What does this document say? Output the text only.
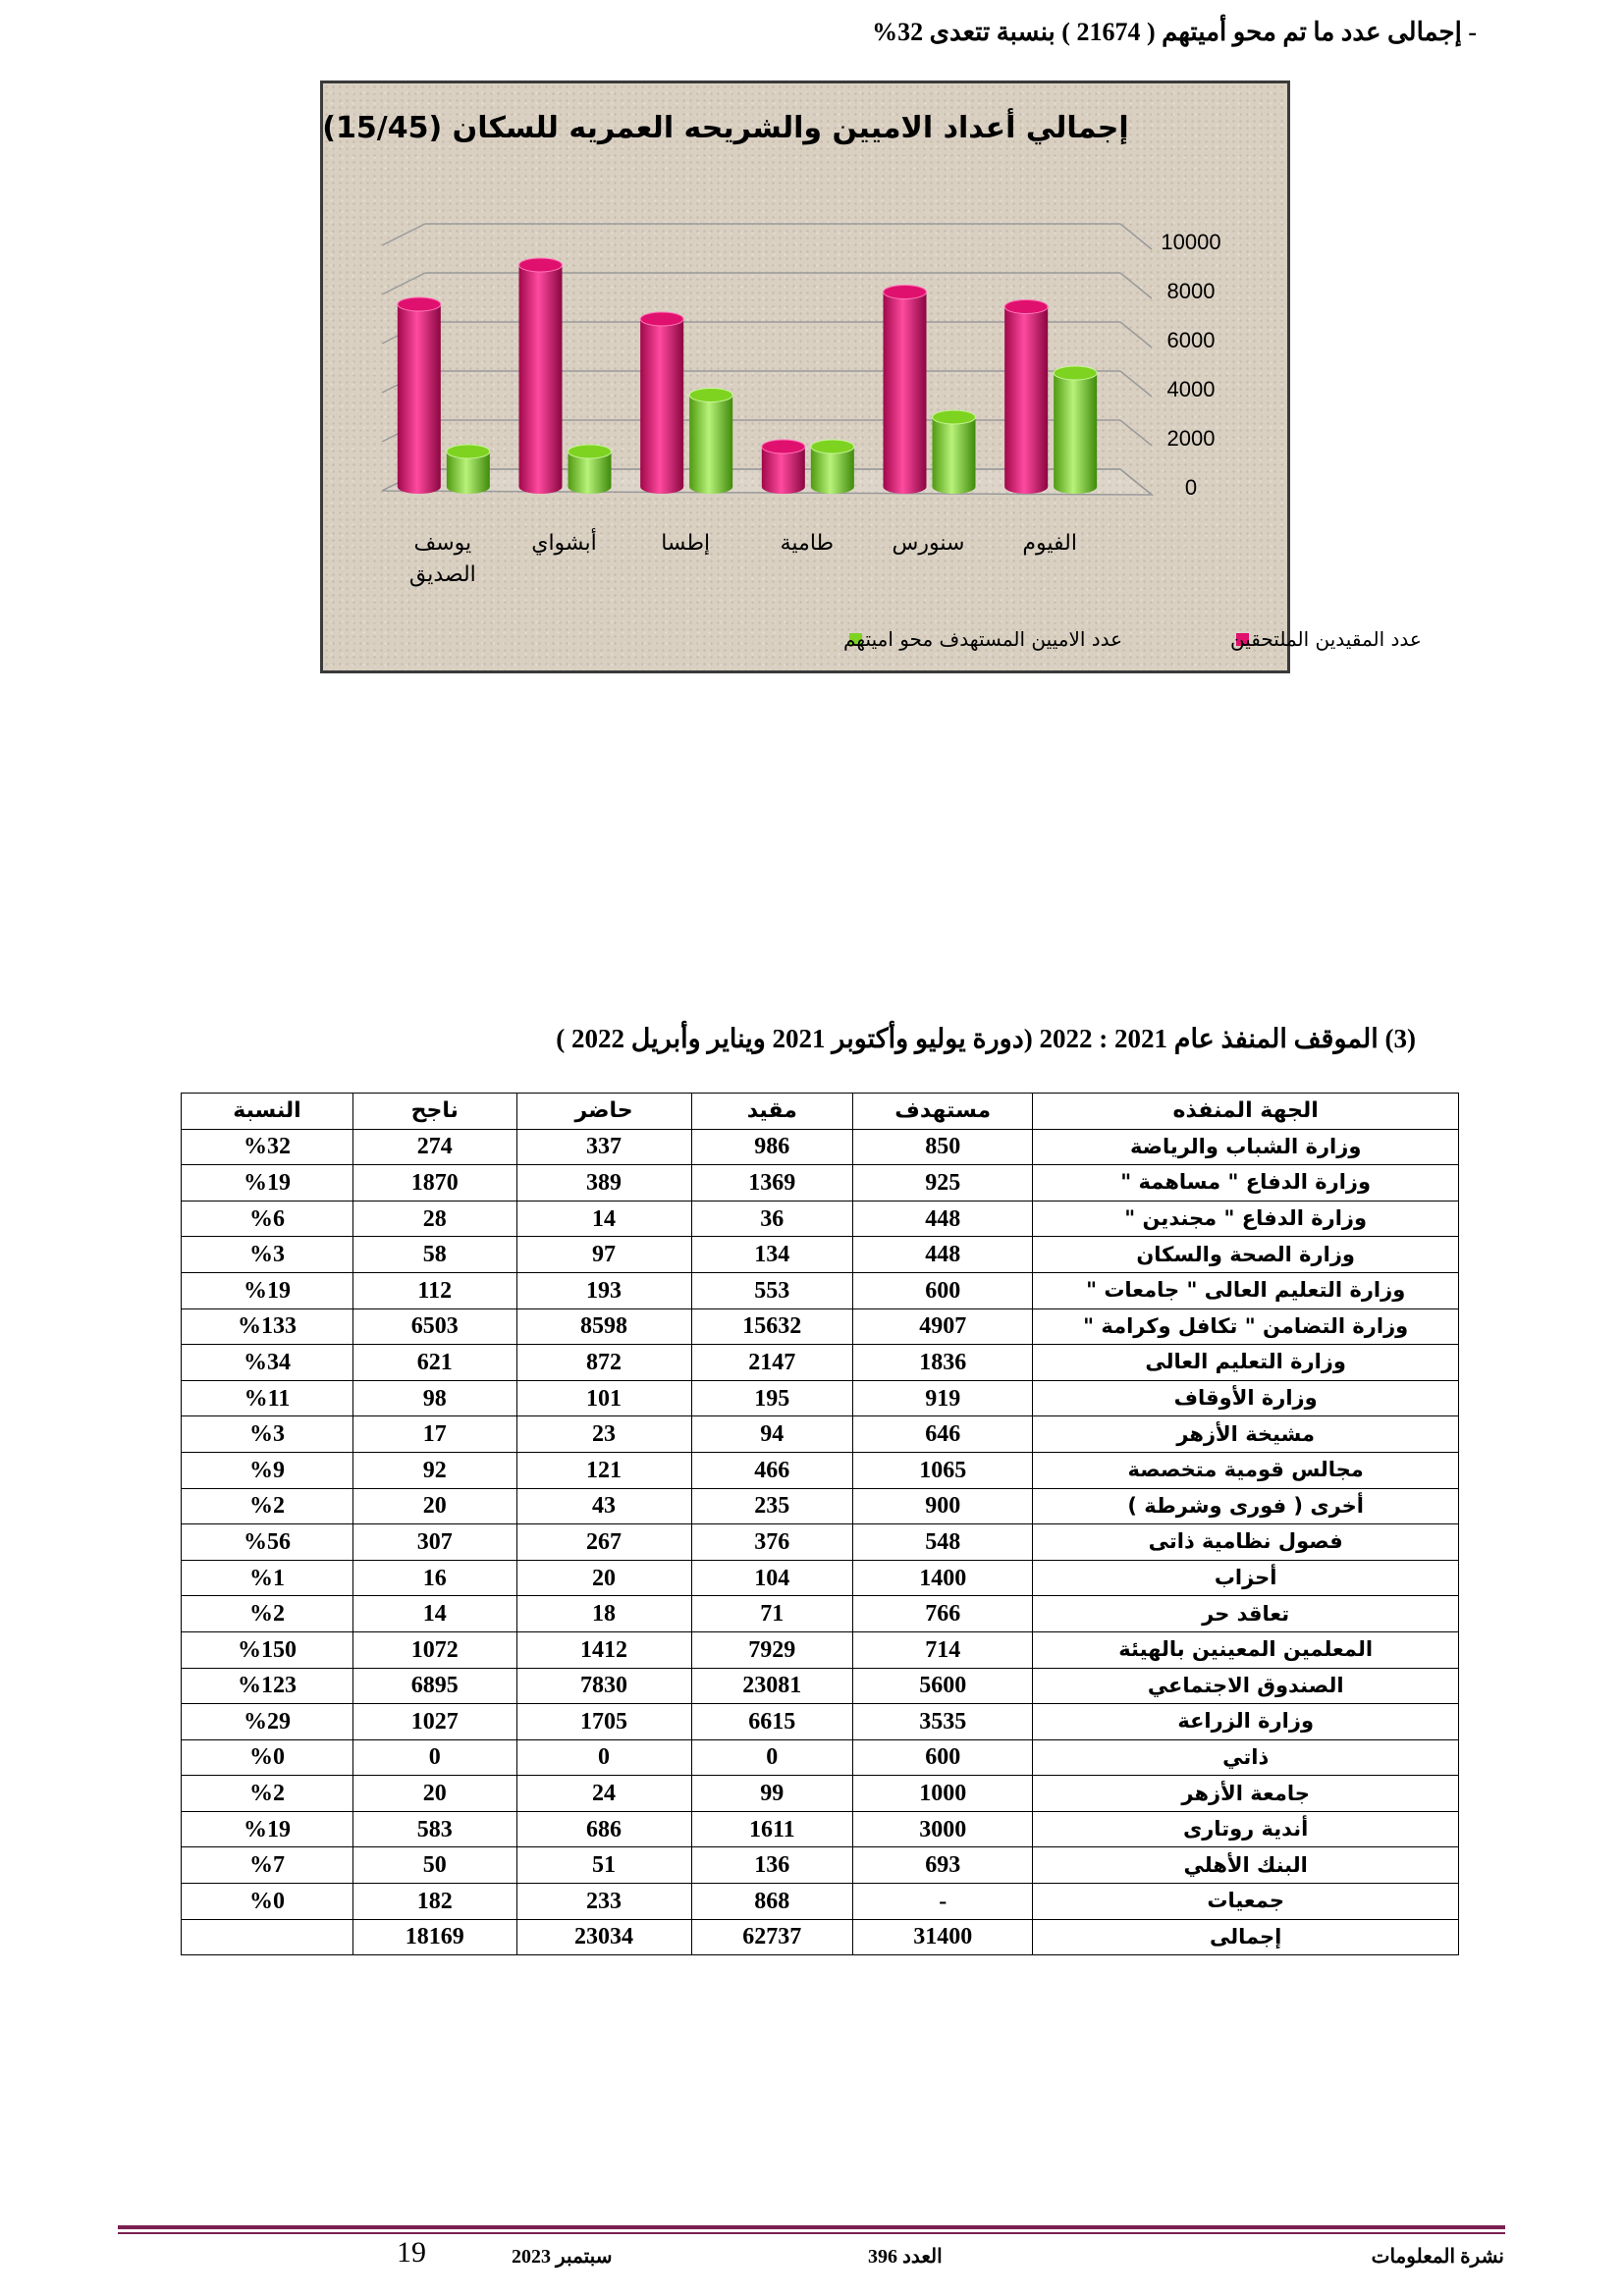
- إجمالى عدد ما تم محو أميتهم ( 21674 ) بنسبة تتعدى 32%
0
2000
4000
6000
8000
10000
إجمالي أعداد الاميين والشريحه العمريه للسكان (15/45)
الفيوم
سنورس
طامية
إطسا
أبشواي
يوسف
الصديق
عدد المقيدين الملتحقين
عدد الاميين المستهدف محو اميتهم
(3) الموقف المنفذ عام 2021 : 2022 (دورة يوليو وأكتوبر 2021 ويناير وأبريل 2022 )
الجهة المنفذه	مستهدف	مقيد	حاضر	ناجح	النسبة
وزارة الشباب والرياضة	850	986	337	274	%32
وزارة الدفاع " مساهمة "	925	1369	389	1870	%19
وزارة الدفاع " مجندين "	448	36	14	28	%6
وزارة الصحة والسكان	448	134	97	58	%3
وزارة التعليم العالى " جامعات "	600	553	193	112	%19
وزارة التضامن " تكافل وكرامة "	4907	15632	8598	6503	%133
وزارة التعليم العالى	1836	2147	872	621	%34
وزارة الأوقاف	919	195	101	98	%11
مشيخة الأزهر	646	94	23	17	%3
مجالس قومية متخصصة	1065	466	121	92	%9
أخرى ( فورى وشرطة )	900	235	43	20	%2
فصول نظامية ذاتى	548	376	267	307	%56
أحزاب	1400	104	20	16	%1
تعاقد حر	766	71	18	14	%2
المعلمين المعينين بالهيئة	714	7929	1412	1072	%150
الصندوق الاجتماعي	5600	23081	7830	6895	%123
وزارة الزراعة	3535	6615	1705	1027	%29
ذاتي	600	0	0	0	%0
جامعة الأزهر	1000	99	24	20	%2
أندية روتارى	3000	1611	686	583	%19
البنك الأهلي	693	136	51	50	%7
جمعيات	-	868	233	182	%0
إجمالى	31400	62737	23034	18169	
نشرة المعلومات
العدد 396
سبتمبر 2023
19
